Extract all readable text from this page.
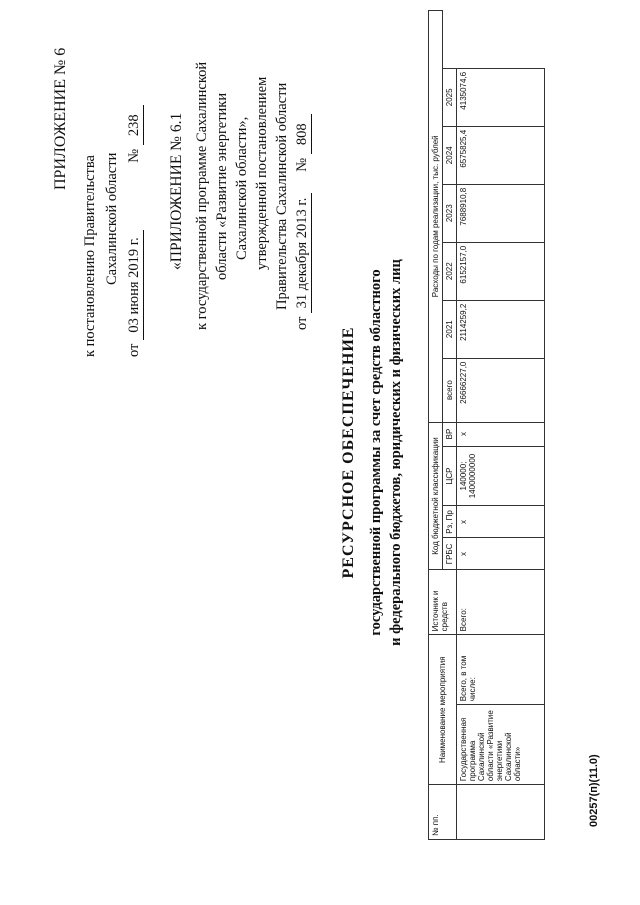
ПРИЛОЖЕНИЕ № 6
к постановлению Правительства Сахалинской области
от 03 июня 2019 г.  № 238 «ПРИЛОЖЕНИЕ № 6.1 к государственной программе Сахалинской области «Развитие энергетики Сахалинской области», утвержденной постановлением Правительства Сахалинской области
от 31 декабря 2013 г.  № 808
РЕСУРСНОЕ ОБЕСПЕЧЕНИЕ государственной программы за счет средств областного и федерального бюджетов, юридических и физических лиц
№ пп.	Наименование мероприятия		Источник и средств	Код бюджетной классификации				Расходы по годам реализации, тыс. рублей					
				ГРБС	Рз, Пр	ЦСР	ВР	всего	2021	2022	2023	2024	2025
	Государственная программа Сахалинской области «Развитие энергетики Сахалинской области»	Всего, в том числе:	Всего:	х	х	140000; 1400000000	х	26666227,0	2114259,2	6152157,0	7688910,8	6575825,4	4135074,6
00257(п)(11.0)
